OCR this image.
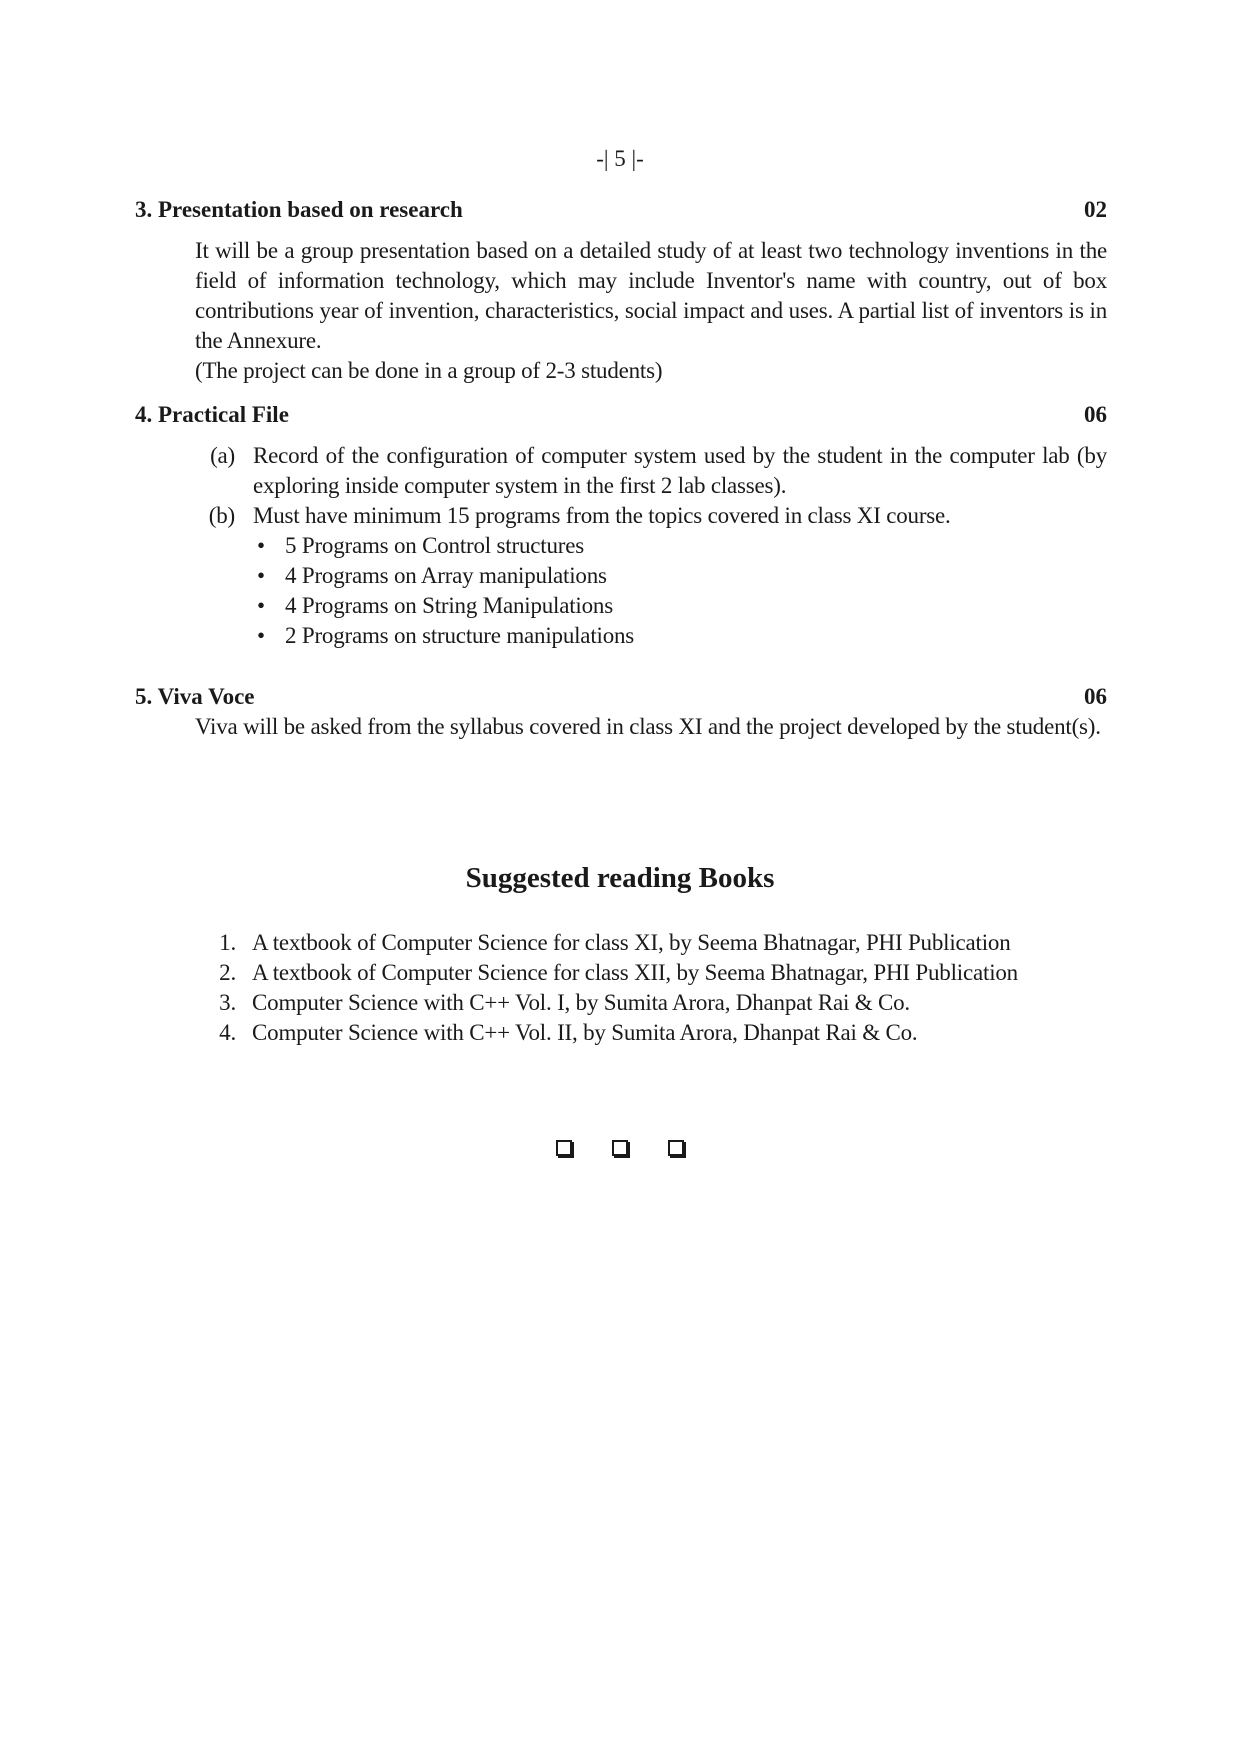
-| 5 |-
3. Presentation based on research	02
It will be a group presentation based on a detailed study of at least two technology inventions in the field of information technology, which may include Inventor's name with country, out of box contributions year of invention, characteristics, social impact and uses. A partial list of inventors is in the Annexure.
(The project can be done in a group of 2-3 students)
4. Practical File	06
(a) Record of the configuration of computer system used by the student in the computer lab (by exploring inside computer system in the first 2 lab classes).
(b) Must have minimum 15 programs from the topics covered in class XI course.
• 5 Programs on Control structures
• 4 Programs on Array manipulations
• 4 Programs on String Manipulations
• 2 Programs on structure manipulations
5. Viva Voce	06
Viva will be asked from the syllabus covered in class XI and the project developed by the student(s).
Suggested reading Books
1. A textbook of Computer Science for class XI, by Seema Bhatnagar, PHI Publication
2. A textbook of Computer Science for class XII, by Seema Bhatnagar, PHI Publication
3. Computer Science with C++ Vol. I, by Sumita Arora, Dhanpat Rai & Co.
4. Computer Science with C++ Vol. II, by Sumita Arora, Dhanpat Rai & Co.
